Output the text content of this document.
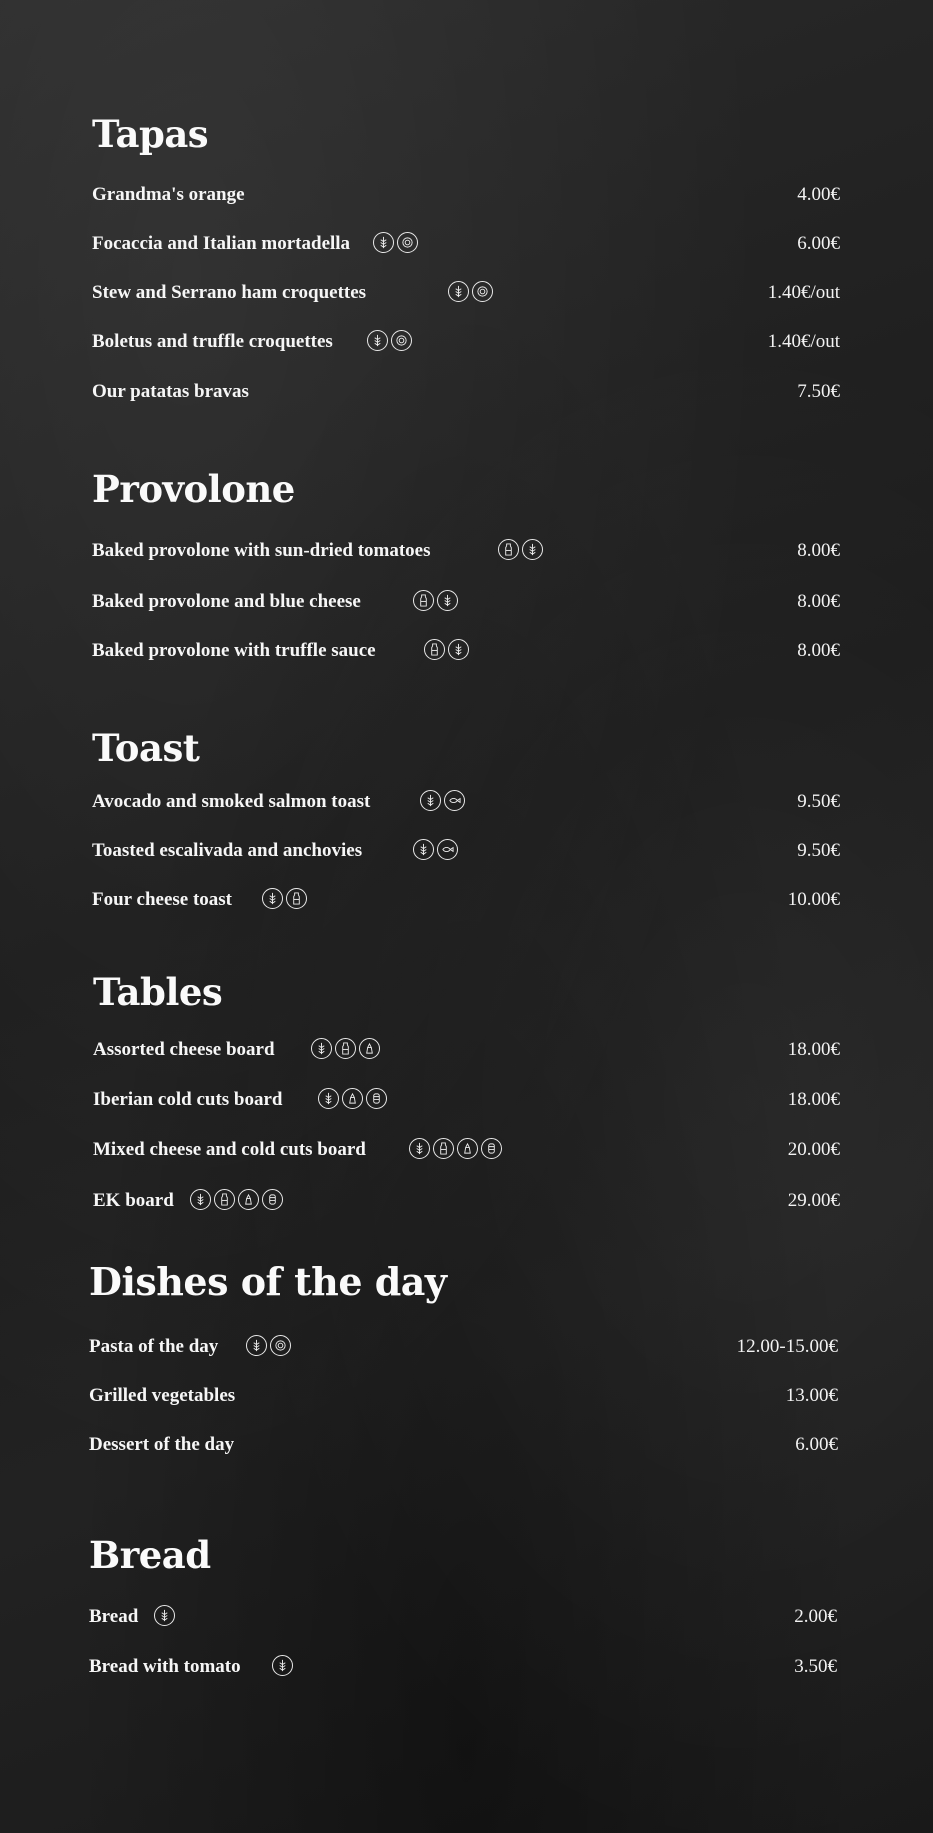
Tapas
Grandma's orange	4.00€
Focaccia and Italian mortadella	6.00€
Stew and Serrano ham croquettes	1.40€/out
Boletus and truffle croquettes	1.40€/out
Our patatas bravas	7.50€
Provolone
Baked provolone with sun-dried tomatoes	8.00€
Baked provolone and blue cheese	8.00€
Baked provolone with truffle sauce	8.00€
Toast
Avocado and smoked salmon toast	9.50€
Toasted escalivada and anchovies	9.50€
Four cheese toast	10.00€
Tables
Assorted cheese board	18.00€
Iberian cold cuts board	18.00€
Mixed cheese and cold cuts board	20.00€
EK board	29.00€
Dishes of the day
Pasta of the day	12.00-15.00€
Grilled vegetables	13.00€
Dessert of the day	6.00€
Bread
Bread	2.00€
Bread with tomato	3.50€
